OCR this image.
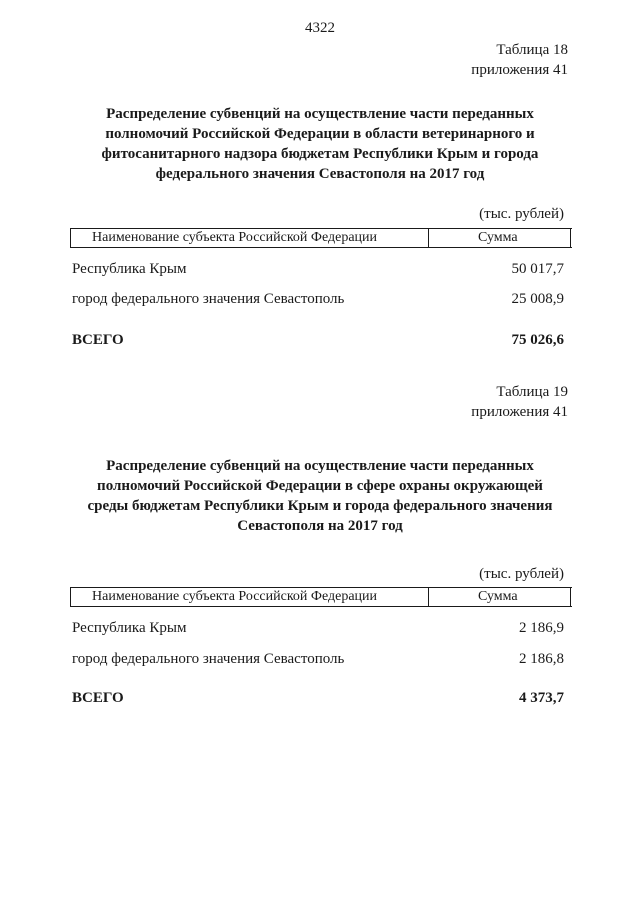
4322
Таблица 18
приложения 41
Распределение субвенций на осуществление части переданных
полномочий Российской Федерации в области ветеринарного и
фитосанитарного надзора бюджетам Республики Крым и города
федерального значения Севастополя на 2017 год
(тыс. рублей)
Наименование субъекта Российской Федерации	Сумма
Республика Крым	50 017,7
город федерального значения Севастополь	25 008,9
ВСЕГО	75 026,6
Таблица 19
приложения 41
Распределение субвенций на осуществление части переданных
полномочий Российской Федерации в сфере охраны окружающей
среды бюджетам Республики Крым и города федерального значения
Севастополя на 2017 год
(тыс. рублей)
Наименование субъекта Российской Федерации	Сумма
Республика Крым	2 186,9
город федерального значения Севастополь	2 186,8
ВСЕГО	4 373,7
